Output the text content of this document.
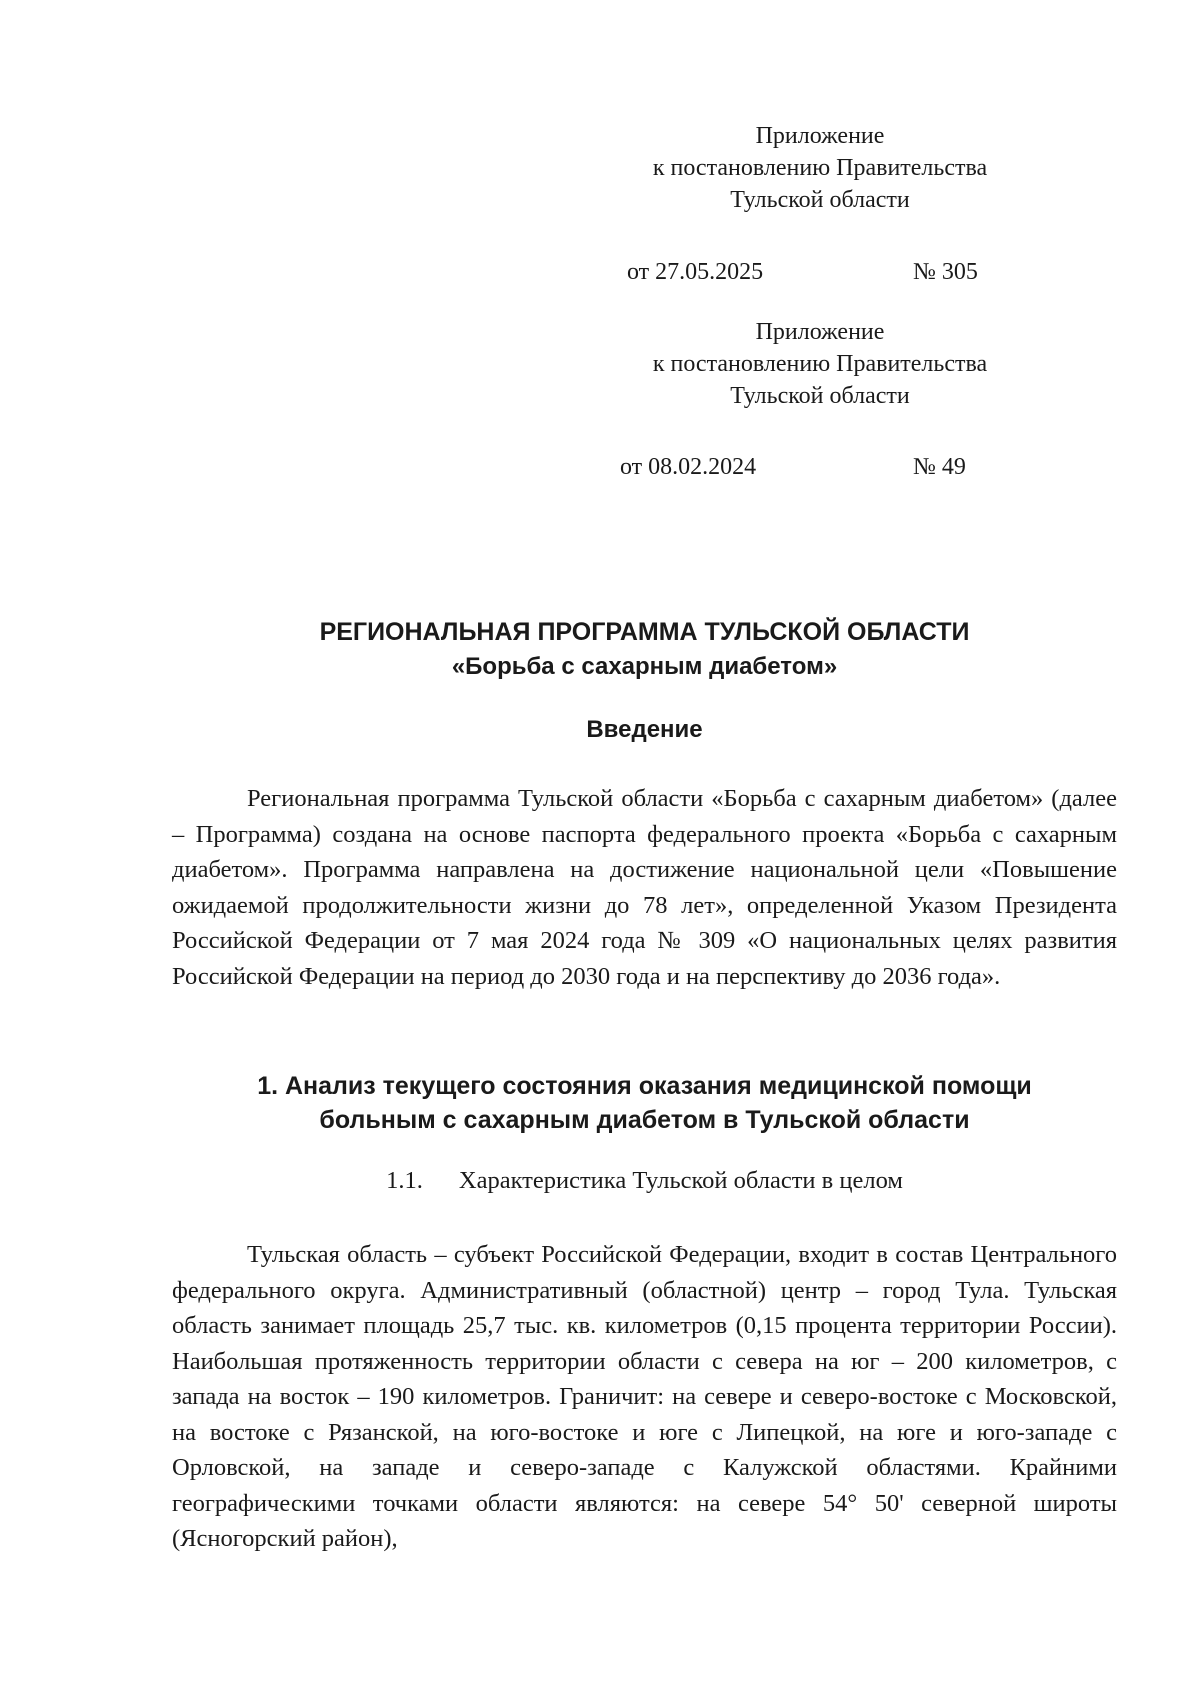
Приложение
к постановлению Правительства
Тульской области
от 27.05.2025	№ 305
Приложение
к постановлению Правительства
Тульской области
от 08.02.2024	№ 49
РЕГИОНАЛЬНАЯ ПРОГРАММА ТУЛЬСКОЙ ОБЛАСТИ
«Борьба с сахарным диабетом»
Введение

Региональная программа Тульской области «Борьба с сахарным диабетом» (далее – Программа) создана на основе паспорта федерального проекта «Борьба с сахарным диабетом». Программа направлена на достижение национальной цели «Повышение ожидаемой продолжительности жизни до 78 лет», определенной Указом Президента Российской Федерации от 7 мая 2024 года № 309 «О национальных целях развития Российской Федерации на период до 2030 года и на перспективу до 2036 года».

1. Анализ текущего состояния оказания медицинской помощи
больным с сахарным диабетом в Тульской области
1.1. Характеристика Тульской области в целом

Тульская область – субъект Российской Федерации, входит в состав Центрального федерального округа. Административный (областной) центр – город Тула. Тульская область занимает площадь 25,7 тыс. кв. километров (0,15 процента территории России). Наибольшая протяженность территории области с севера на юг – 200 километров, с запада на восток – 190 километров. Граничит: на севере и северо-востоке с Московской, на востоке с Рязанской, на юго-востоке и юге с Липецкой, на юге и юго-западе с Орловской, на западе и северо-западе с Калужской областями. Крайними географическими точками области являются: на севере 54° 50' северной широты (Ясногорский район),
